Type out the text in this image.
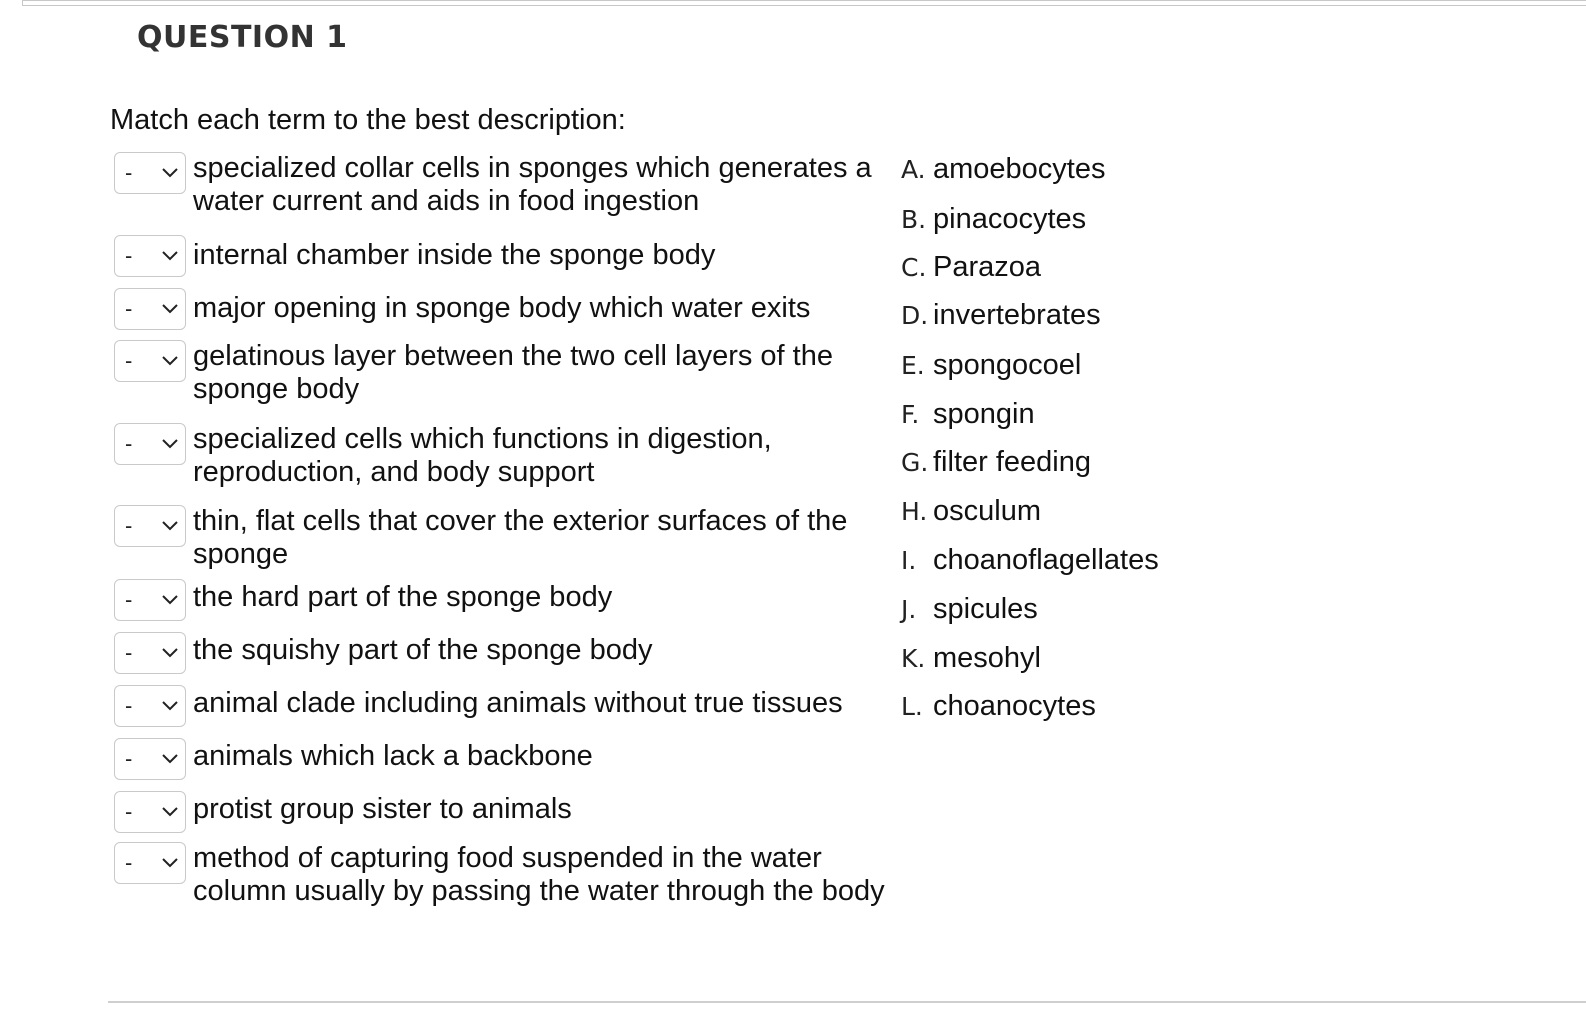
QUESTION 1
Match each term to the best description:
- specialized collar cells in sponges which generates a water current and aids in food ingestion
- internal chamber inside the sponge body
- major opening in sponge body which water exits
- gelatinous layer between the two cell layers of the sponge body
- specialized cells which functions in digestion, reproduction, and body support
- thin, flat cells that cover the exterior surfaces of the sponge
- the hard part of the sponge body
- the squishy part of the sponge body
- animal clade including animals without true tissues
- animals which lack a backbone
- protist group sister to animals
- method of capturing food suspended in the water column usually by passing the water through the body
A. amoebocytes
B. pinacocytes
C. Parazoa
D. invertebrates
E. spongocoel
F. spongin
G. filter feeding
H. osculum
I. choanoflagellates
J. spicules
K. mesohyl
L. choanocytes
